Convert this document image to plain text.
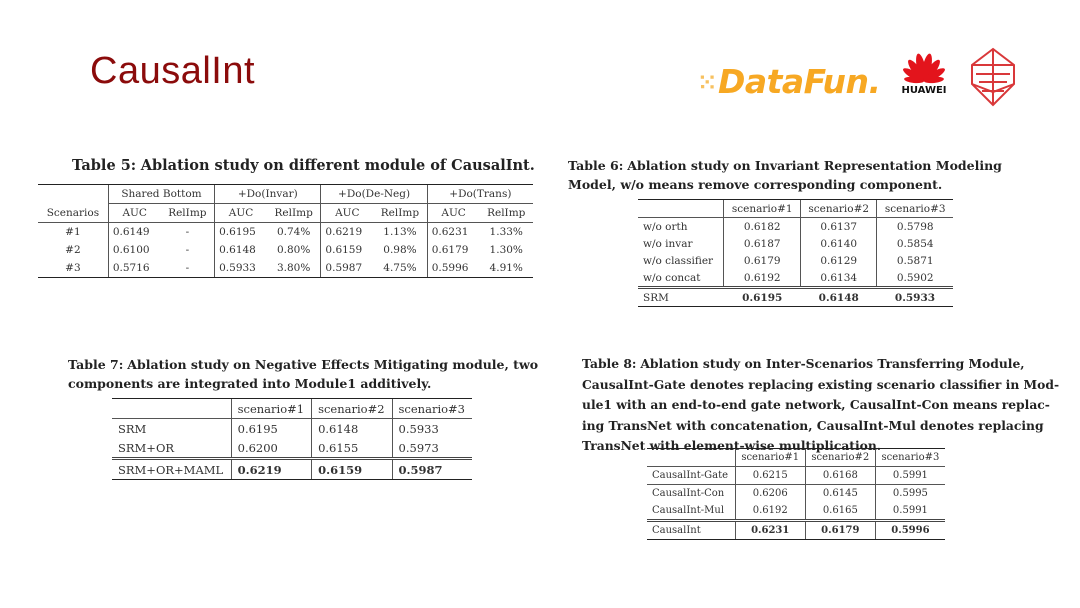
CausalInt	⁙DataFun.	HUAWEI
Table 5: Ablation study on different module of CausalInt.
	Shared Bottom		+Do(Invar)		+Do(De-Neg)		+Do(Trans)	
Scenarios	AUC	RelImp	AUC	RelImp	AUC	RelImp	AUC	RelImp
#1	0.6149	-	0.6195	0.74%	0.6219	1.13%	0.6231	1.33%
#2	0.6100	-	0.6148	0.80%	0.6159	0.98%	0.6179	1.30%
#3	0.5716	-	0.5933	3.80%	0.5987	4.75%	0.5996	4.91%
Table 6: Ablation study on Invariant Representation Modeling
Model, w/o means remove corresponding component.
	scenario#1	scenario#2	scenario#3
w/o orth	0.6182	0.6137	0.5798
w/o invar	0.6187	0.6140	0.5854
w/o classifier	0.6179	0.6129	0.5871
w/o concat	0.6192	0.6134	0.5902
SRM	0.6195	0.6148	0.5933
Table 7: Ablation study on Negative Effects Mitigating module, two
components are integrated into Module1 additively.
	scenario#1	scenario#2	scenario#3
SRM	0.6195	0.6148	0.5933
SRM+OR	0.6200	0.6155	0.5973
SRM+OR+MAML	0.6219	0.6159	0.5987
Table 8: Ablation study on Inter-Scenarios Transferring Module,
CausalInt-Gate denotes replacing existing scenario classifier in Mod-
ule1 with an end-to-end gate network, CausalInt-Con means replac-
ing TransNet with concatenation, CausalInt-Mul denotes replacing
TransNet with element-wise multiplication.
	scenario#1	scenario#2	scenario#3
CausalInt-Gate	0.6215	0.6168	0.5991
CausalInt-Con	0.6206	0.6145	0.5995
CausalInt-Mul	0.6192	0.6165	0.5991
CausalInt	0.6231	0.6179	0.5996
